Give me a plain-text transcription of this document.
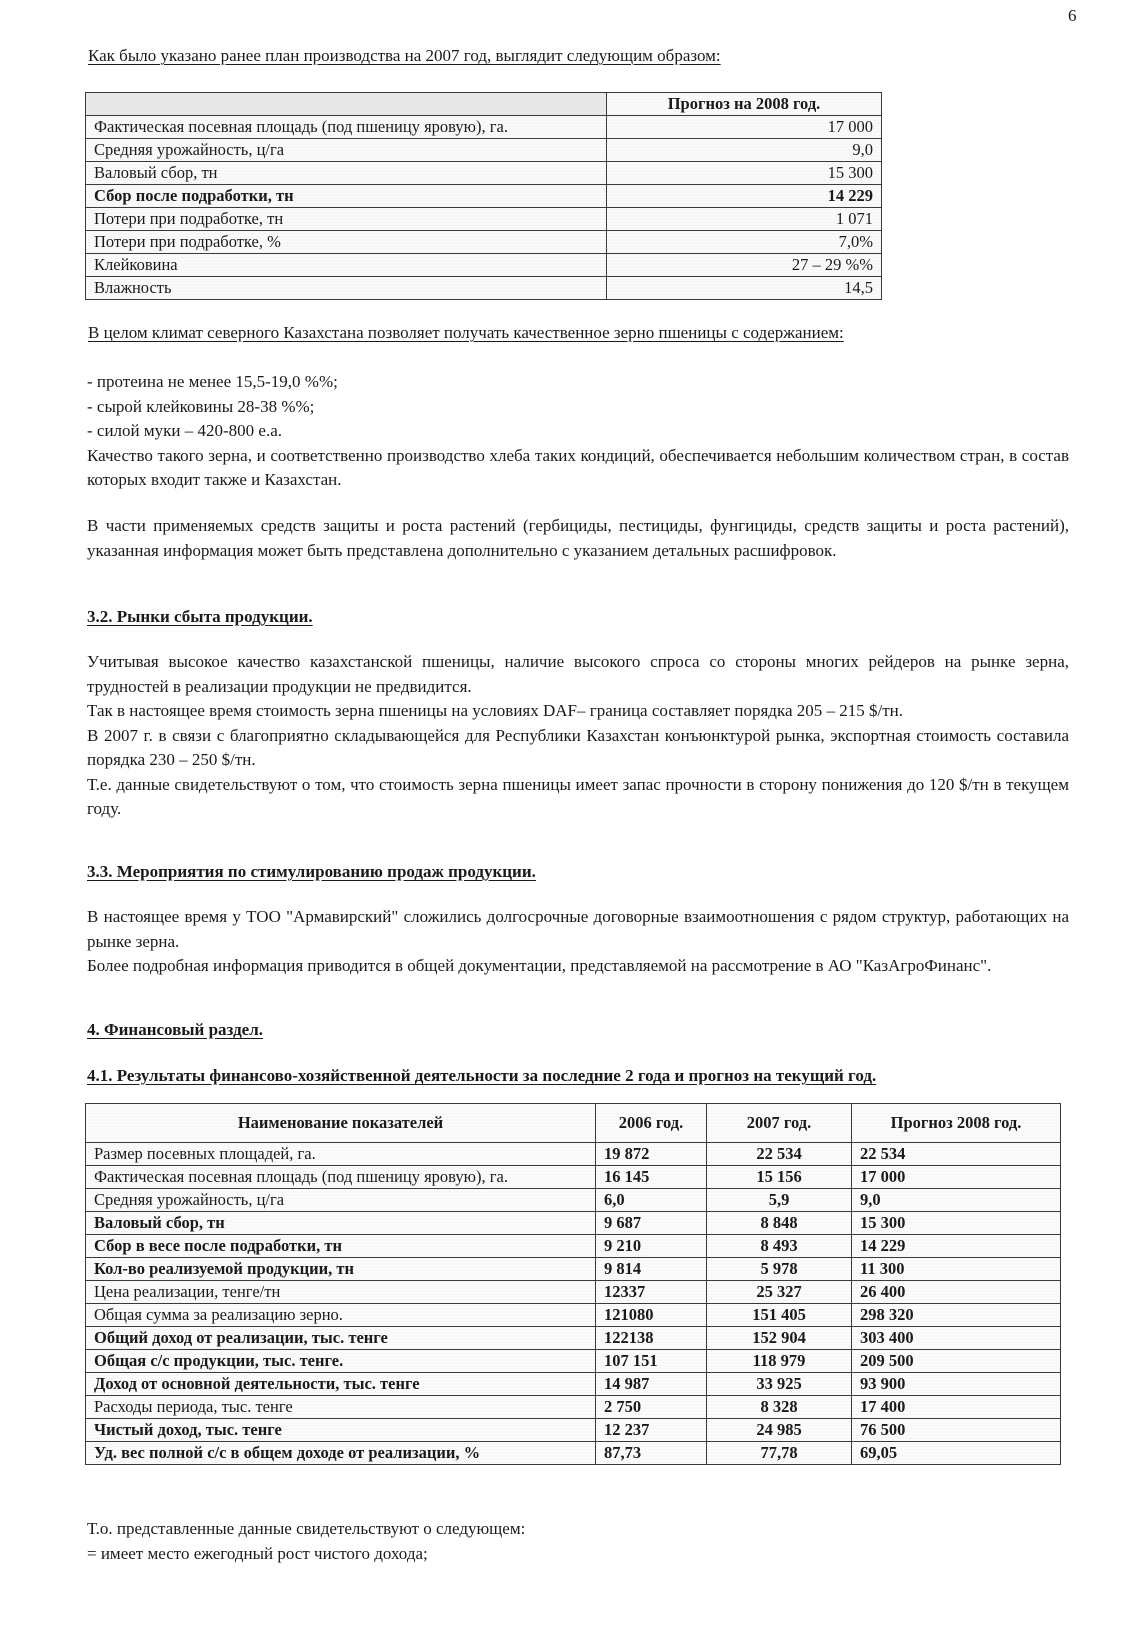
6
Как было указано ранее план производства на 2007 год, выглядит следующим образом:
	Прогноз на 2008 год.
Фактическая посевная площадь (под пшеницу яровую), га.	17 000
Средняя урожайность, ц/га	9,0
Валовый сбор, тн	15 300
Сбор после подработки, тн	14 229
Потери при подработке, тн	1 071
Потери при подработке, %	7,0%
Клейковина	27 – 29 %%
Влажность	14,5
В целом климат северного Казахстана позволяет получать качественное зерно пшеницы с содержанием:
- протеина не менее 15,5-19,0 %%;
- сырой клейковины 28-38 %%;
- силой муки – 420-800 е.а.
Качество такого зерна, и соответственно производство хлеба таких кондиций, обеспечивается небольшим количеством стран, в состав которых входит также и Казахстан.
В части применяемых средств защиты и роста растений (гербициды, пестициды, фунгициды, средств защиты и роста растений), указанная информация может быть представлена дополнительно с указанием детальных расшифровок.
3.2. Рынки сбыта продукции.
Учитывая высокое качество казахстанской пшеницы, наличие высокого спроса со стороны многих рейдеров на рынке зерна, трудностей в реализации продукции не предвидится.
Так в настоящее время стоимость зерна пшеницы на условиях DAF– граница составляет порядка 205 – 215 $/тн.
В 2007 г. в связи с благоприятно складывающейся для Республики Казахстан конъюнктурой рынка, экспортная стоимость составила порядка 230 – 250 $/тн.
Т.е. данные свидетельствуют о том, что стоимость зерна пшеницы имеет запас прочности в сторону понижения до 120 $/тн в текущем году.
3.3. Мероприятия по стимулированию продаж продукции.
В настоящее время у ТОО "Армавирский" сложились долгосрочные договорные взаимоотношения с рядом структур, работающих на рынке зерна.
Более подробная информация приводится в общей документации, представляемой на рассмотрение в АО "КазАгроФинанс".
4. Финансовый раздел.
4.1. Результаты финансово-хозяйственной деятельности за последние 2 года и прогноз на текущий год.
Наименование показателей	2006 год.	2007 год.	Прогноз 2008 год.
Размер посевных площадей, га.	19 872	22 534	22 534
Фактическая посевная площадь (под пшеницу яровую), га.	16 145	15 156	17 000
Средняя урожайность, ц/га	6,0	5,9	9,0
Валовый сбор, тн	9 687	8 848	15 300
Сбор в весе после подработки, тн	9 210	8 493	14 229
Кол-во реализуемой продукции, тн	9 814	5 978	11 300
Цена реализации, тенге/тн	12337	25 327	26 400
Общая сумма за реализацию зерно.	121080	151 405	298 320
Общий доход от реализации, тыс. тенге	122138	152 904	303 400
Общая с/с продукции, тыс. тенге.	107 151	118 979	209 500
Доход от основной деятельности, тыс. тенге	14 987	33 925	93 900
Расходы периода, тыс. тенге	2 750	8 328	17 400
Чистый доход, тыс. тенге	12 237	24 985	76 500
Уд. вес полной с/с в общем доходе от реализации, %	87,73	77,78	69,05
Т.о. представленные данные свидетельствуют о следующем:
= имеет место ежегодный рост чистого дохода;
